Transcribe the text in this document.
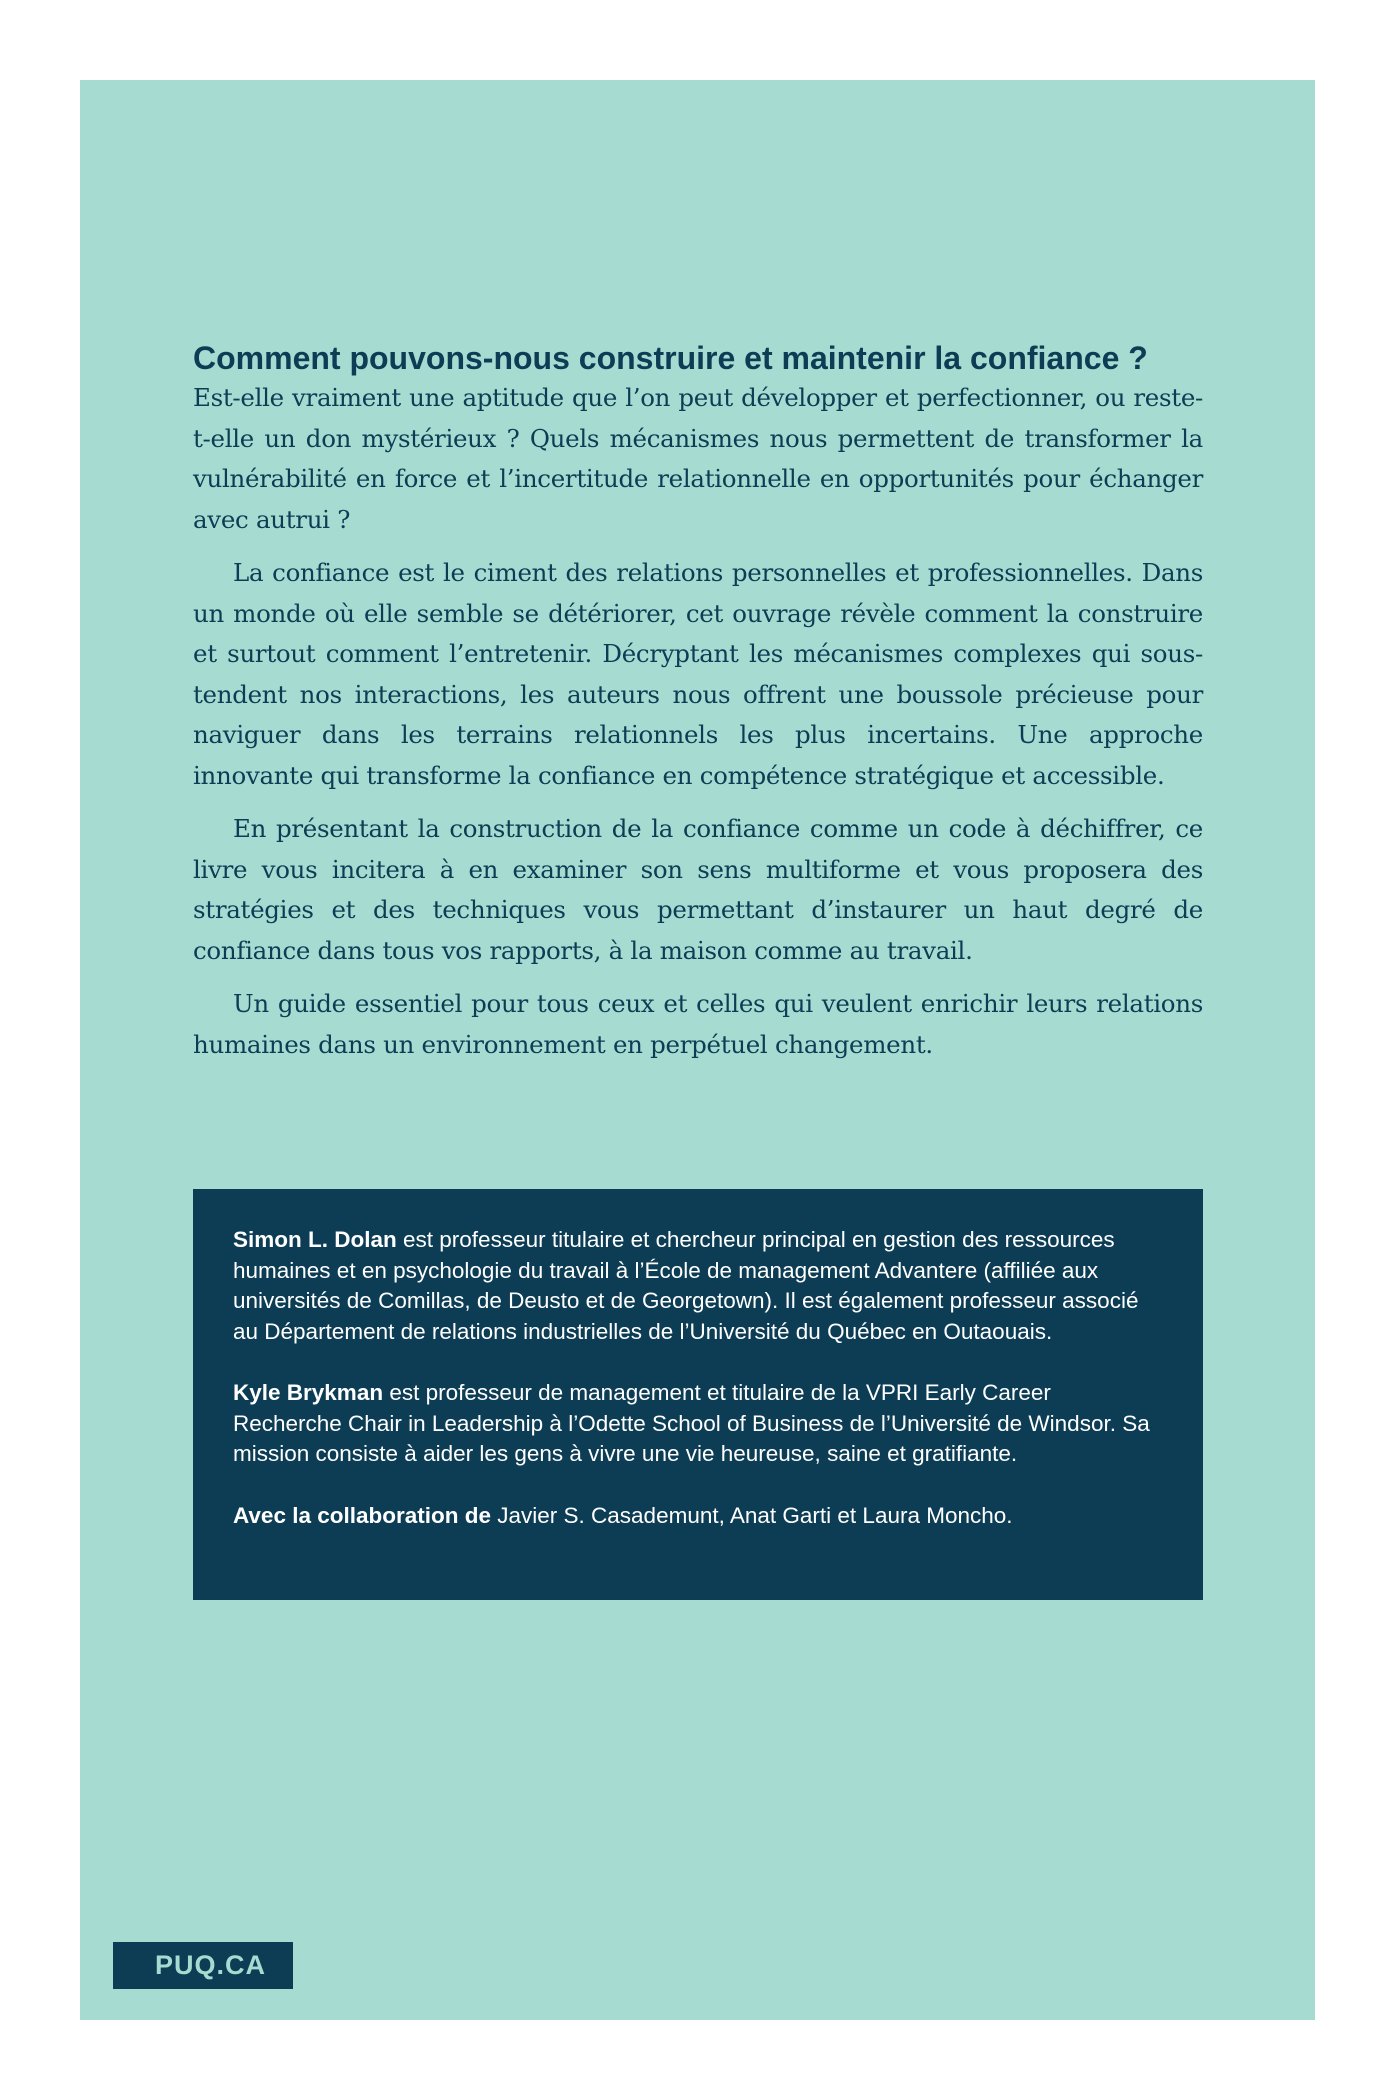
Comment pouvons-nous construire et maintenir la confiance ?
Est-elle vraiment une aptitude que l’on peut développer et perfectionner, ou reste-t-elle un don mystérieux ? Quels mécanismes nous permettent de transformer la vulnérabilité en force et l’incertitude relationnelle en opportunités pour échanger avec autrui ?

La confiance est le ciment des relations personnelles et professionnelles. Dans un monde où elle semble se détériorer, cet ouvrage révèle comment la construire et surtout comment l’entretenir. Décryptant les mécanismes complexes qui sous-tendent nos interactions, les auteurs nous offrent une boussole précieuse pour naviguer dans les terrains relationnels les plus incertains. Une approche innovante qui transforme la confiance en compétence stratégique et accessible.

En présentant la construction de la confiance comme un code à déchiffrer, ce livre vous incitera à en examiner son sens multiforme et vous proposera des stratégies et des techniques vous permettant d’instaurer un haut degré de confiance dans tous vos rapports, à la maison comme au travail.

Un guide essentiel pour tous ceux et celles qui veulent enrichir leurs relations humaines dans un environnement en perpétuel changement.

Simon L. Dolan est professeur titulaire et chercheur principal en gestion des ressources humaines et en psychologie du travail à l’École de management Advantere (affiliée aux universités de Comillas, de Deusto et de Georgetown). Il est également professeur associé au Département de relations industrielles de l’Université du Québec en Outaouais.

Kyle Brykman est professeur de management et titulaire de la VPRI Early Career Recherche Chair in Leadership à l’Odette School of Business de l’Université de Windsor. Sa mission consiste à aider les gens à vivre une vie heureuse, saine et gratifiante.

Avec la collaboration de Javier S. Casademunt, Anat Garti et Laura Moncho.

PUQ.CA
